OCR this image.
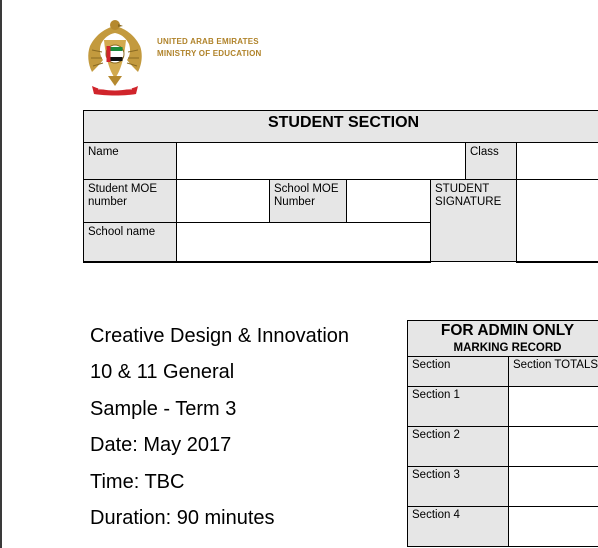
UNITED ARAB EMIRATES
MINISTRY OF EDUCATION
STUDENT SECTION						
Name					Class	
Student MOE number		School MOE Number		STUDENT SIGNATURE		
School name						
Creative Design & Innovation
10 & 11 General
Sample - Term 3
Date: May 2017
Time: TBC
Duration: 90 minutes
FOR ADMIN ONLY	
MARKING RECORD	
Section	Section TOTALS
Section 1	
Section 2	
Section 3	
Section 4	
